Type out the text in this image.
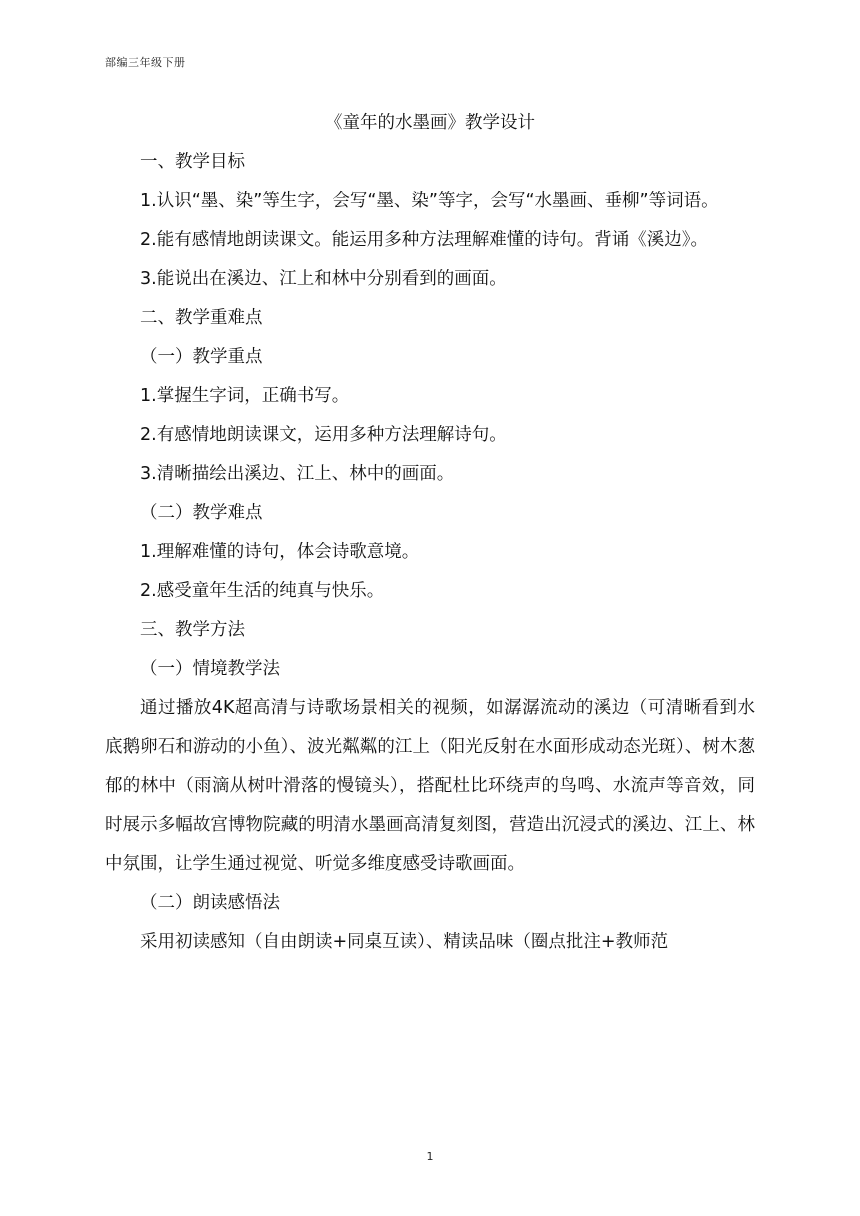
部编三年级下册

《童年的水墨画》教学设计

一、教学目标

1.认识“墨、染”等生字，会写“墨、染”等字，会写“水墨画、垂柳”等词语。

2.能有感情地朗读课文。能运用多种方法理解难懂的诗句。背诵《溪边》。

3.能说出在溪边、江上和林中分别看到的画面。

二、教学重难点

（一）教学重点

1.掌握生字词，正确书写。

2.有感情地朗读课文，运用多种方法理解诗句。

3.清晰描绘出溪边、江上、林中的画面。

（二）教学难点

1.理解难懂的诗句，体会诗歌意境。

2.感受童年生活的纯真与快乐。

三、教学方法

（一）情境教学法

通过播放4K超高清与诗歌场景相关的视频，如潺潺流动的溪边（可清晰看到水底鹅卵石和游动的小鱼）、波光粼粼的江上（阳光反射在水面形成动态光斑）、树木葱郁的林中（雨滴从树叶滑落的慢镜头），搭配杜比环绕声的鸟鸣、水流声等音效，同时展示多幅故宫博物院藏的明清水墨画高清复刻图，营造出沉浸式的溪边、江上、林中氛围，让学生通过视觉、听觉多维度感受诗歌画面。

（二）朗读感悟法

采用初读感知（自由朗读+同桌互读）、精读品味（圈点批注+教师范

1
